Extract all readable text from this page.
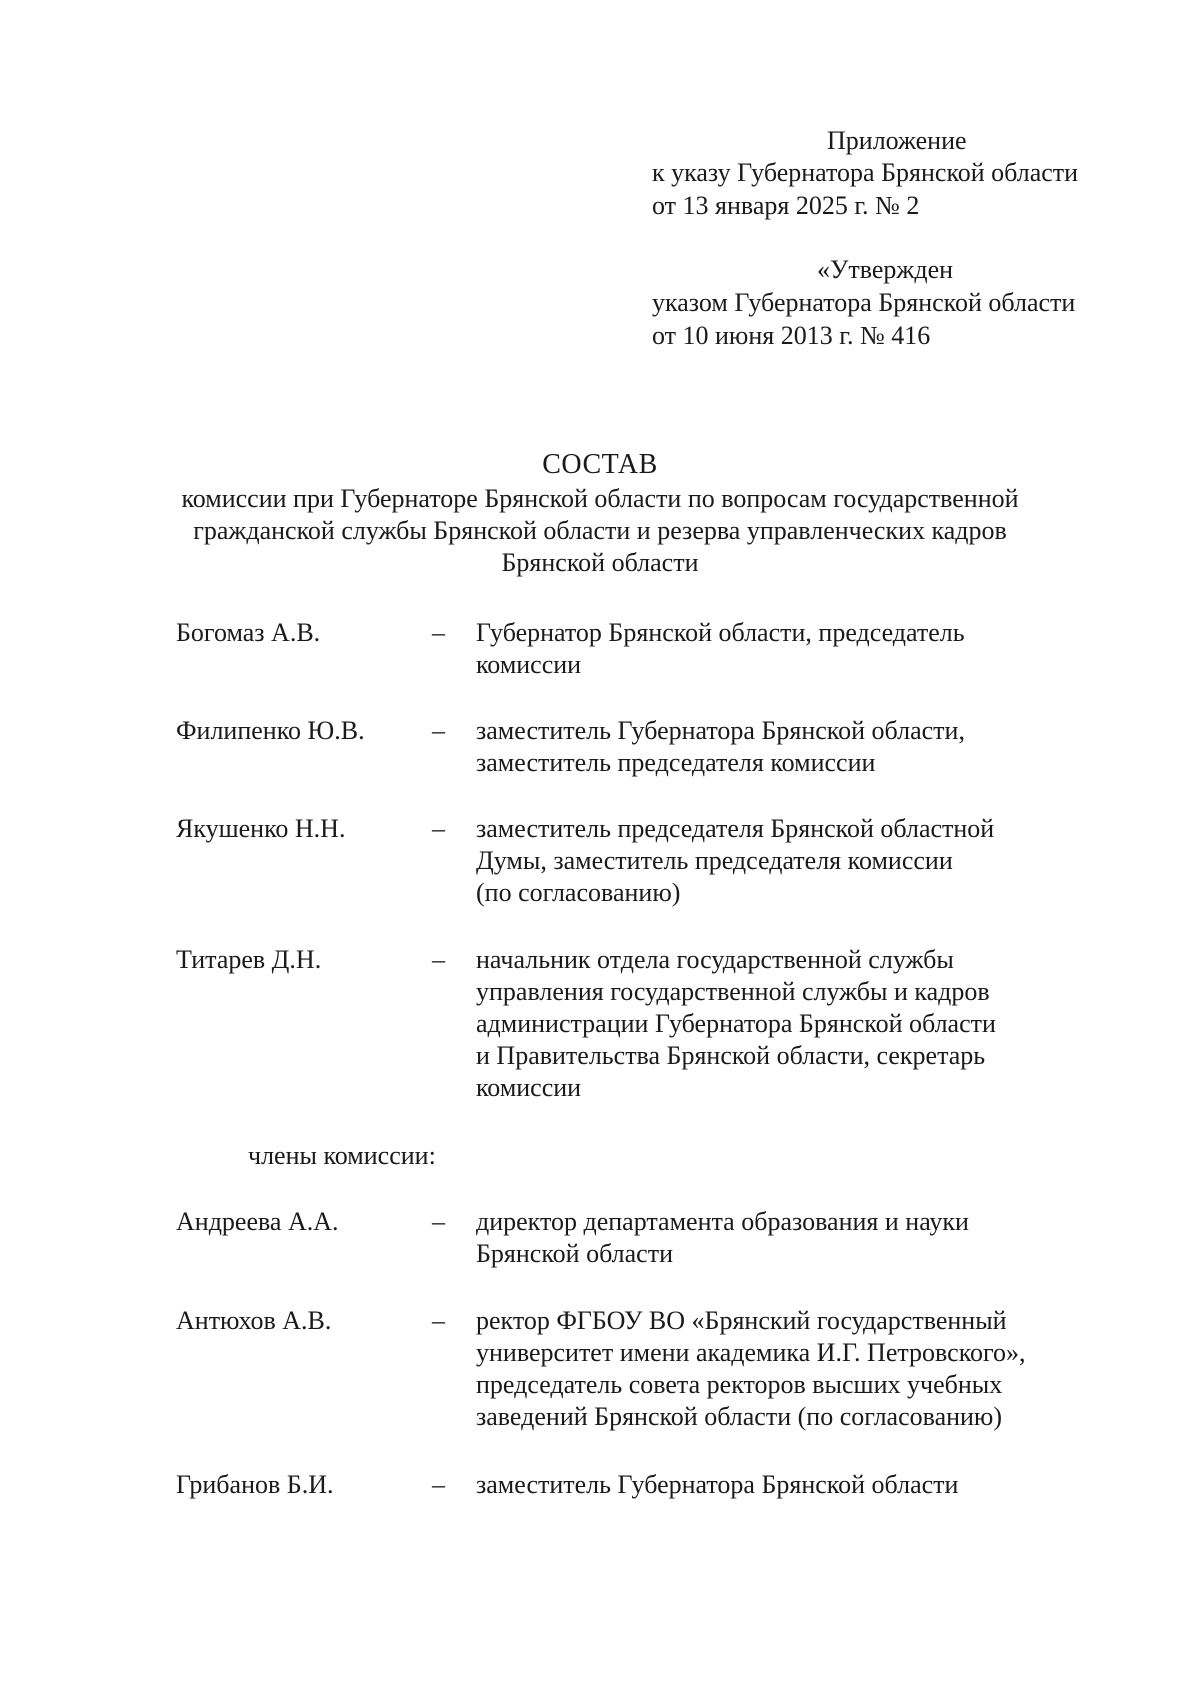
Приложение
к указу Губернатора Брянской области
от 13 января 2025 г. № 2
«Утвержден
указом Губернатора Брянской области
от 10 июня 2013 г. № 416
СОСТАВ
комиссии при Губернаторе Брянской области по вопросам государственной
гражданской службы Брянской области и резерва управленческих кадров
Брянской области
Богомаз А.В.	– Губернатор Брянской области, председатель
комиссии
Филипенко Ю.В.	– заместитель Губернатора Брянской области,
заместитель председателя комиссии
Якушенко Н.Н.	– заместитель председателя Брянской областной
Думы, заместитель председателя комиссии
(по согласованию)
Титарев Д.Н.	– начальник отдела государственной службы
управления государственной службы и кадров
администрации Губернатора Брянской области
и Правительства Брянской области, секретарь
комиссии
члены комиссии:
Андреева А.А.	– директор департамента образования и науки
Брянской области
Антюхов А.В.	– ректор ФГБОУ ВО «Брянский государственный
университет имени академика И.Г. Петровского»,
председатель совета ректоров высших учебных
заведений Брянской области (по согласованию)
Грибанов Б.И.	– заместитель Губернатора Брянской области
